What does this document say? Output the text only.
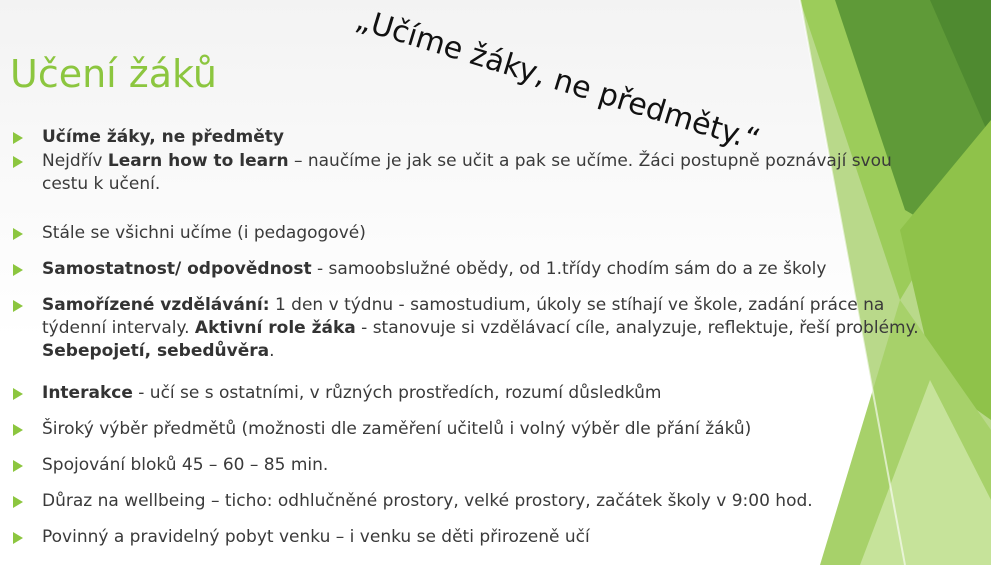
Učení žáků	„Učíme žáky, ne předměty.“
Učíme žáky, ne předměty
Nejdřív Learn how to learn – naučíme je jak se učit a pak se učíme. Žáci postupně poznávají svou cestu k učení.
Stále se všichni učíme (i pedagogové)
Samostatnost/ odpovědnost - samoobslužné obědy, od 1.třídy chodím sám do a ze školy
Samořízené vzdělávání: 1 den v týdnu - samostudium, úkoly se stíhají ve škole, zadání práce na týdenní intervaly. Aktivní role žáka - stanovuje si vzdělávací cíle, analyzuje, reflektuje, řeší problémy. Sebepojetí, sebedůvěra.
Interakce - učí se s ostatními, v různých prostředích, rozumí důsledkům
Široký výběr předmětů (možnosti dle zaměření učitelů i volný výběr dle přání žáků)
Spojování bloků 45 – 60 – 85 min.
Důraz na wellbeing – ticho: odhlučněné prostory, velké prostory, začátek školy v 9:00 hod.
Povinný a pravidelný pobyt venku – i venku se děti přirozeně učí
